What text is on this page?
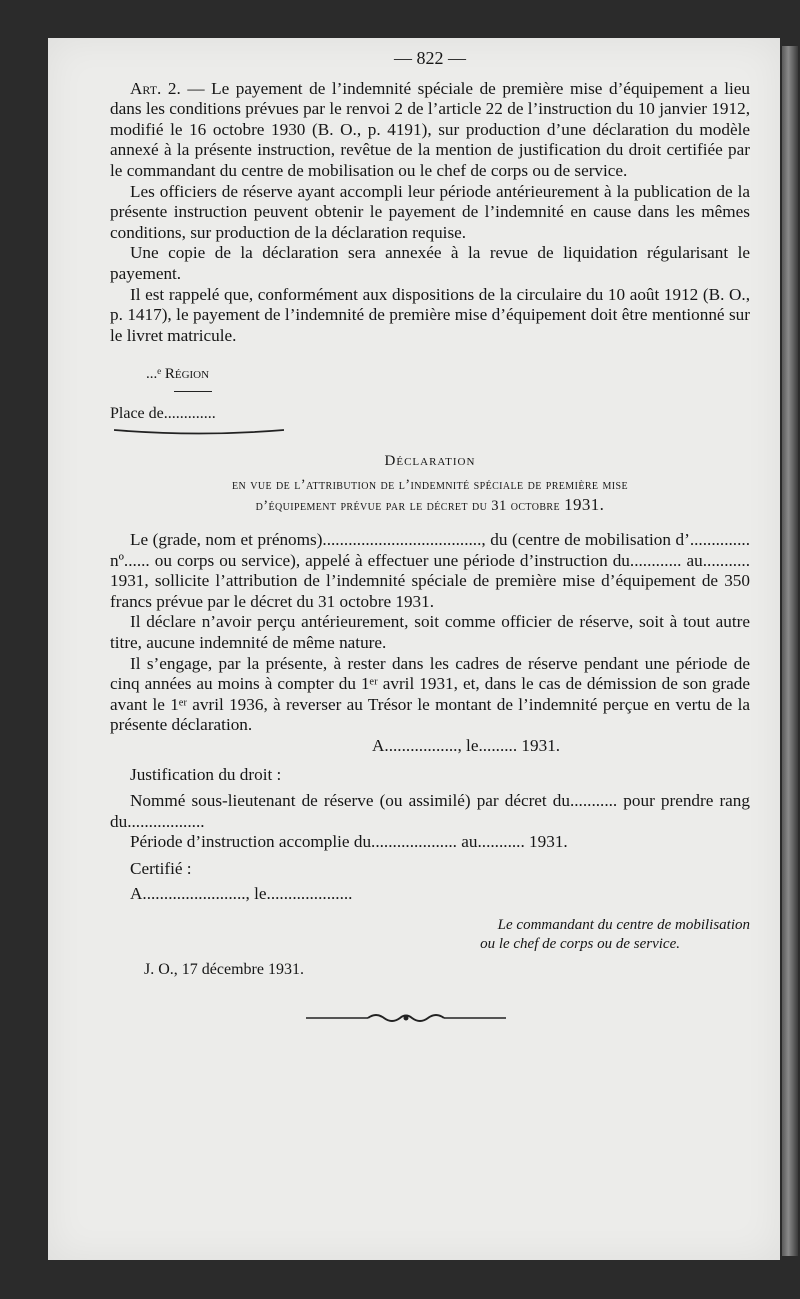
— 822 —

Art. 2. — Le payement de l’indemnité spéciale de première mise d’équipement a lieu dans les conditions prévues par le renvoi 2 de l’article 22 de l’instruction du 10 janvier 1912, modifié le 16 octobre 1930 (B. O., p. 4191), sur production d’une déclaration du modèle annexé à la présente instruction, revêtue de la mention de justification du droit certifiée par le commandant du centre de mobilisation ou le chef de corps ou de service.

Les officiers de réserve ayant accompli leur période antérieurement à la publication de la présente instruction peuvent obtenir le payement de l’indemnité en cause dans les mêmes conditions, sur production de la déclaration requise.

Une copie de la déclaration sera annexée à la revue de liquidation régularisant le payement.

Il est rappelé que, conformément aux dispositions de la circulaire du 10 août 1912 (B. O., p. 1417), le payement de l’indemnité de première mise d’équipement doit être mentionné sur le livret matricule.

...ᵉ Région
Place de.............
Déclaration
en vue de l’attribution de l’indemnité spéciale de première mise
d’équipement prévue par le décret du 31 octobre 1931.

Le (grade, nom et prénoms)....................................., du (centre de mobilisation d’.............. nº...... ou corps ou service), appelé à effectuer une période d’instruction du............ au........... 1931, sollicite l’attribution de l’indemnité spéciale de première mise d’équipement de 350 francs prévue par le décret du 31 octobre 1931.

Il déclare n’avoir perçu antérieurement, soit comme officier de réserve, soit à tout autre titre, aucune indemnité de même nature.

Il s’engage, par la présente, à rester dans les cadres de réserve pendant une période de cinq années au moins à compter du 1ᵉʳ avril 1931, et, dans le cas de démission de son grade avant le 1ᵉʳ avril 1936, à reverser au Trésor le montant de l’indemnité perçue en vertu de la présente déclaration.

A................., le......... 1931.

Justification du droit :

Nommé sous-lieutenant de réserve (ou assimilé) par décret du........... pour prendre rang du..................

Période d’instruction accomplie du.................... au........... 1931.

Certifié :

A........................, le....................

Le commandant du centre de mobilisation
ou le chef de corps ou de service.
J. O., 17 décembre 1931.
